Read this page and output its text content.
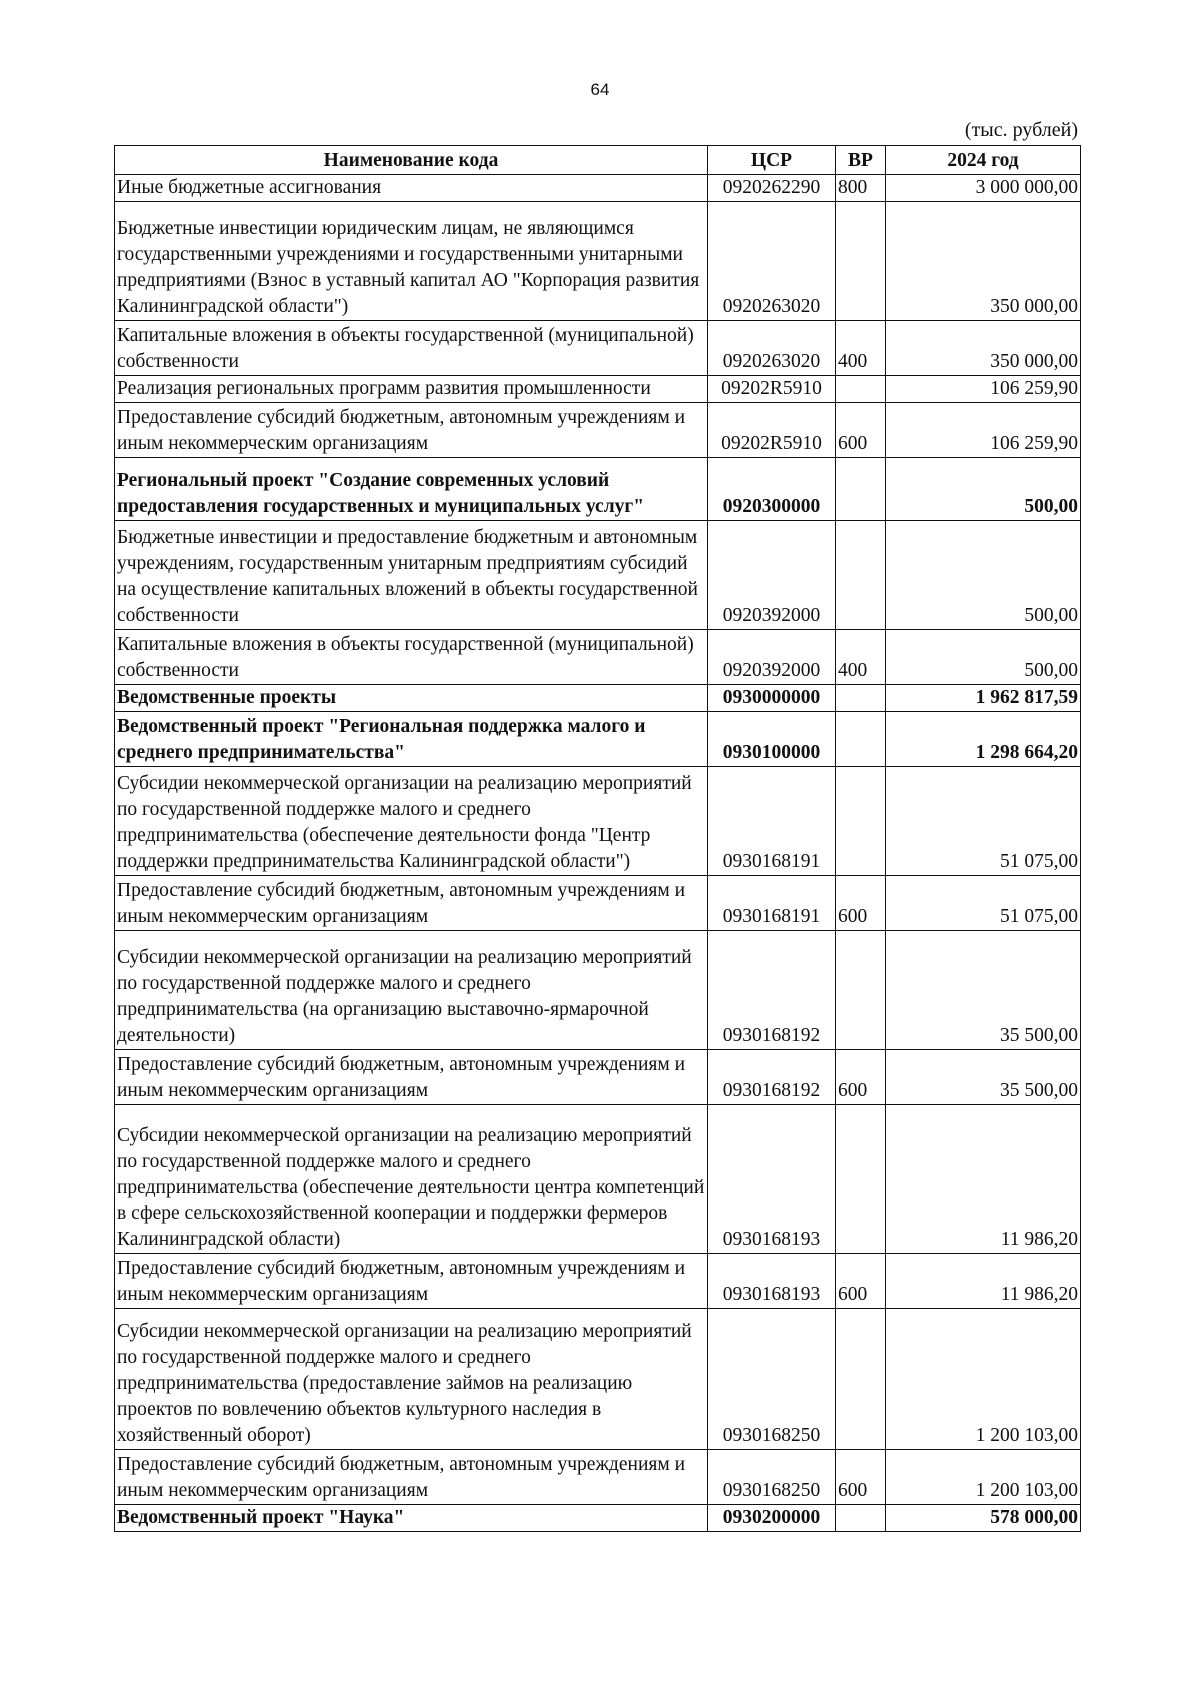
64
(тыс. рублей)
Наименование кода	ЦСР	ВР	2024 год
Иные бюджетные ассигнования	0920262290	800	3 000 000,00
Бюджетные инвестиции юридическим лицам, не являющимся государственными учреждениями и государственными унитарными предприятиями (Взнос в уставный капитал АО "Корпорация развития Калининградской области")	0920263020		350 000,00
Капитальные вложения в объекты государственной (муниципальной) собственности	0920263020	400	350 000,00
Реализация региональных программ развития промышленности	09202R5910		106 259,90
Предоставление субсидий бюджетным, автономным учреждениям и иным некоммерческим организациям	09202R5910	600	106 259,90
Региональный проект "Создание современных условий предоставления государственных и муниципальных услуг"	0920300000		500,00
Бюджетные инвестиции и предоставление бюджетным и автономным учреждениям, государственным унитарным предприятиям субсидий на осуществление капитальных вложений в объекты государственной собственности	0920392000		500,00
Капитальные вложения в объекты государственной (муниципальной) собственности	0920392000	400	500,00
Ведомственные проекты	0930000000		1 962 817,59
Ведомственный проект "Региональная поддержка малого и среднего предпринимательства"	0930100000		1 298 664,20
Субсидии некоммерческой организации на реализацию мероприятий по государственной поддержке малого и среднего предпринимательства (обеспечение деятельности фонда "Центр поддержки предпринимательства Калининградской области")	0930168191		51 075,00
Предоставление субсидий бюджетным, автономным учреждениям и иным некоммерческим организациям	0930168191	600	51 075,00
Субсидии некоммерческой организации на реализацию мероприятий по государственной поддержке малого и среднего предпринимательства (на организацию выставочно-ярмарочной деятельности)	0930168192		35 500,00
Предоставление субсидий бюджетным, автономным учреждениям и иным некоммерческим организациям	0930168192	600	35 500,00
Субсидии некоммерческой организации на реализацию мероприятий по государственной поддержке малого и среднего предпринимательства (обеспечение деятельности центра компетенций в сфере сельскохозяйственной кооперации и поддержки фермеров Калининградской области)	0930168193		11 986,20
Предоставление субсидий бюджетным, автономным учреждениям и иным некоммерческим организациям	0930168193	600	11 986,20
Субсидии некоммерческой организации на реализацию мероприятий по государственной поддержке малого и среднего предпринимательства (предоставление займов на реализацию проектов по вовлечению объектов культурного наследия в хозяйственный оборот)	0930168250		1 200 103,00
Предоставление субсидий бюджетным, автономным учреждениям и иным некоммерческим организациям	0930168250	600	1 200 103,00
Ведомственный проект "Наука"	0930200000		578 000,00
